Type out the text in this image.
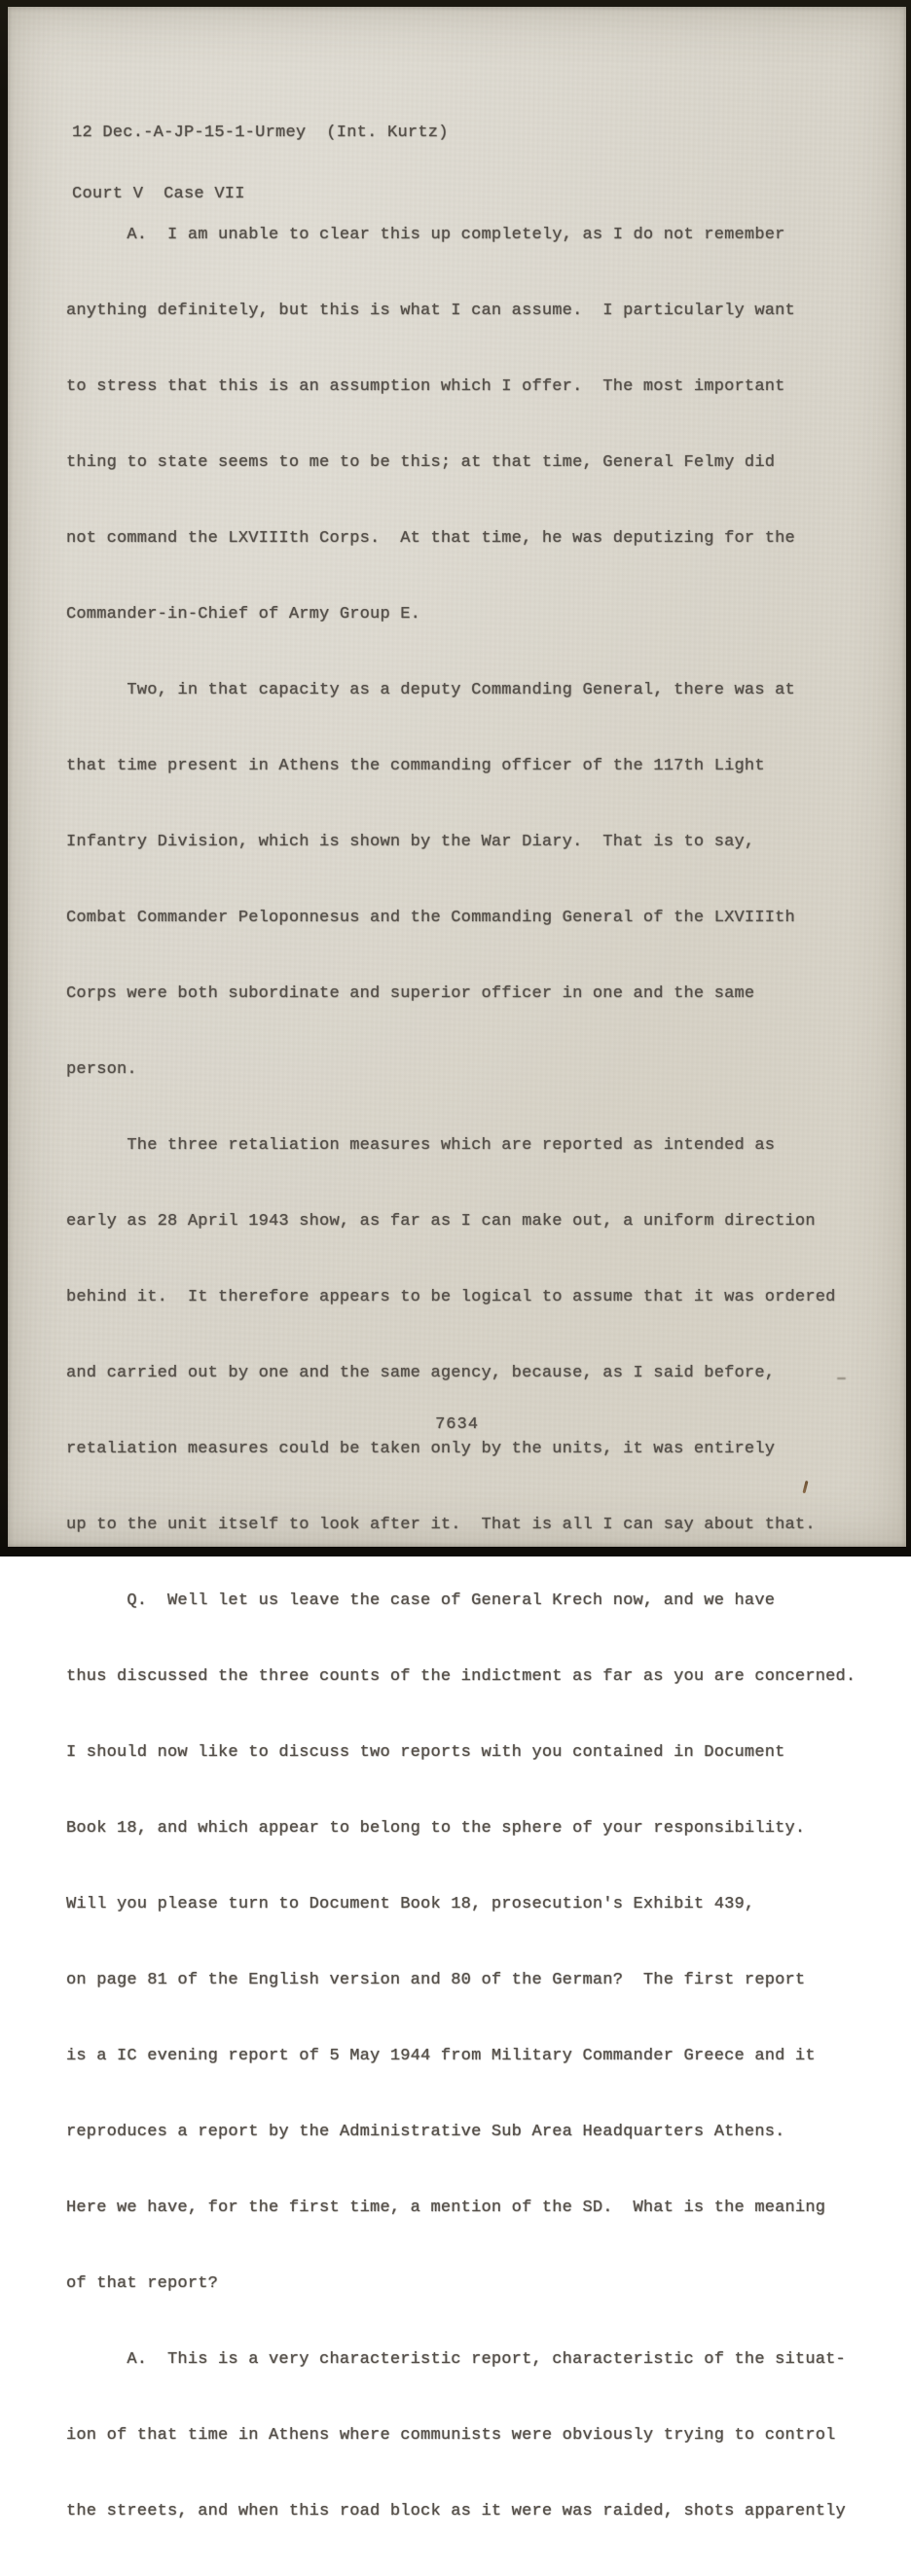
12 Dec.-A-JP-15-1-Urmey  (Int. Kurtz)

Court V  Case VII

A.  I am unable to clear this up completely, as I do not remember

anything definitely, but this is what I can assume.  I particularly want

to stress that this is an assumption which I offer.  The most important

thing to state seems to me to be this; at that time, General Felmy did

not command the LXVIIIth Corps.  At that time, he was deputizing for the

Commander-in-Chief of Army Group E.

Two, in that capacity as a deputy Commanding General, there was at

that time present in Athens the commanding officer of the 117th Light

Infantry Division, which is shown by the War Diary.  That is to say,

Combat Commander Peloponnesus and the Commanding General of the LXVIIIth

Corps were both subordinate and superior officer in one and the same

person.

The three retaliation measures which are reported as intended as

early as 28 April 1943 show, as far as I can make out, a uniform direction

behind it.  It therefore appears to be logical to assume that it was ordered

and carried out by one and the same agency, because, as I said before,

retaliation measures could be taken only by the units, it was entirely

up to the unit itself to look after it.  That is all I can say about that.

Q.  Well let us leave the case of General Krech now, and we have

thus discussed the three counts of the indictment as far as you are concerned.

I should now like to discuss two reports with you contained in Document

Book 18, and which appear to belong to the sphere of your responsibility.

Will you please turn to Document Book 18, prosecution's Exhibit 439,

on page 81 of the English version and 80 of the German?  The first report

is a IC evening report of 5 May 1944 from Military Commander Greece and it

reproduces a report by the Administrative Sub Area Headquarters Athens.

Here we have, for the first time, a mention of the SD.  What is the meaning

of that report?

A.  This is a very characteristic report, characteristic of the situat-

ion of that time in Athens where communists were obviously trying to control

the streets, and when this road block as it were was raided, shots apparently

7634
